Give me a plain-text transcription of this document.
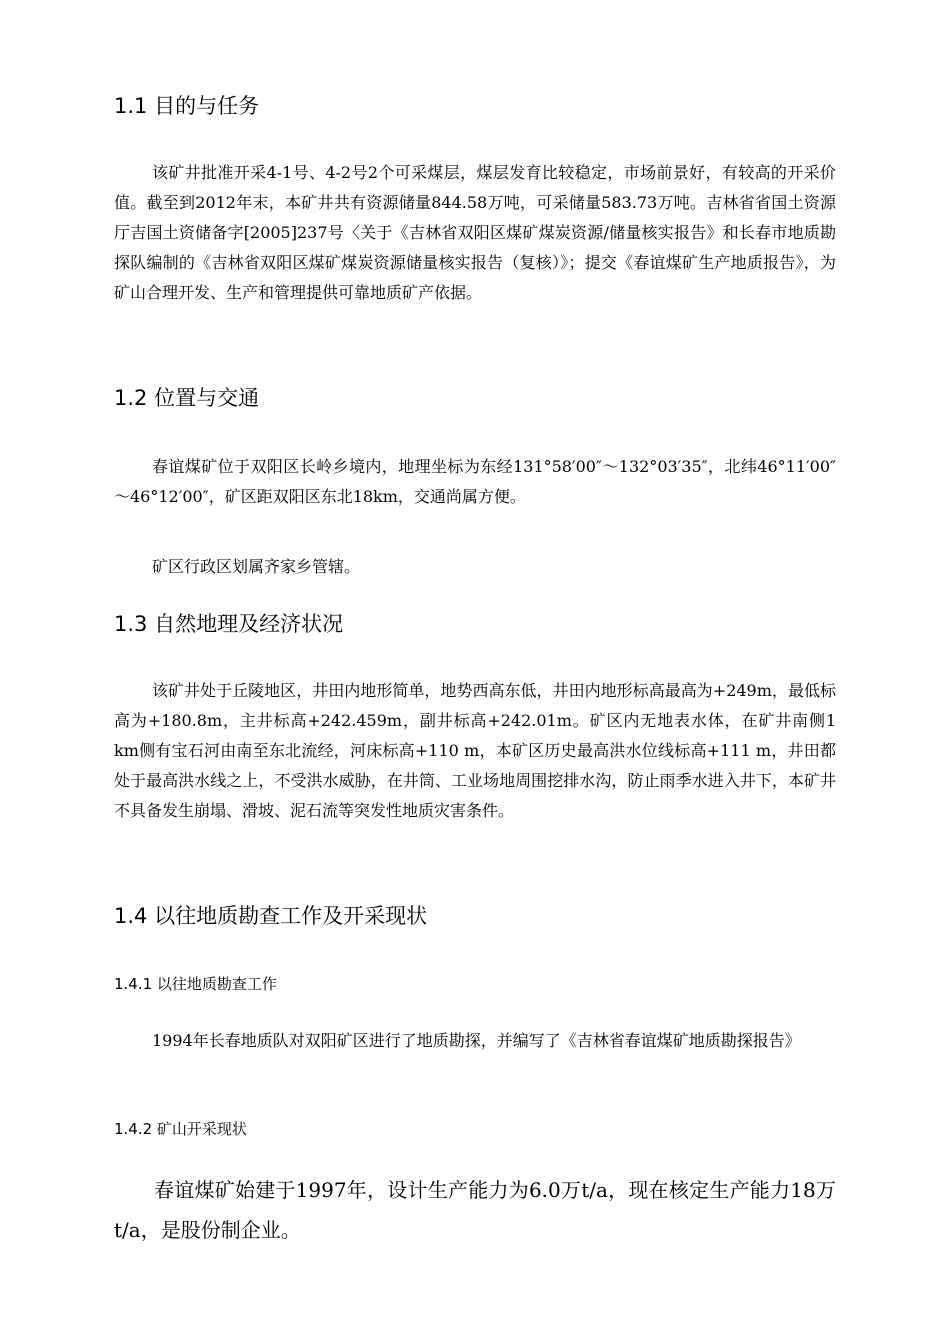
1.1 目的与任务

该矿井批准开采4-1号、4-2号2个可采煤层，煤层发育比较稳定，市场前景好，有较高的开采价值。截至到2012年末，本矿井共有资源储量844.58万吨，可采储量583.73万吨。吉林省省国土资源厅吉国土资储备字[2005]237号〈关于《吉林省双阳区煤矿煤炭资源/储量核实报告》和长春市地质勘探队编制的《吉林省双阳区煤矿煤炭资源储量核实报告（复核）》；提交《春谊煤矿生产地质报告》，为矿山合理开发、生产和管理提供可靠地质矿产依据。

1.2 位置与交通

春谊煤矿位于双阳区长岭乡境内，地理坐标为东经131°58′00″～132°03′35″，北纬46°11′00″～46°12′00″，矿区距双阳区东北18km，交通尚属方便。

矿区行政区划属齐家乡管辖。

1.3 自然地理及经济状况

该矿井处于丘陵地区，井田内地形简单，地势西高东低，井田内地形标高最高为+249m，最低标高为+180.8m，主井标高+242.459m，副井标高+242.01m。矿区内无地表水体，在矿井南侧1 km侧有宝石河由南至东北流经，河床标高+110 m，本矿区历史最高洪水位线标高+111 m，井田都处于最高洪水线之上，不受洪水威胁，在井筒、工业场地周围挖排水沟，防止雨季水进入井下，本矿井不具备发生崩塌、滑坡、泥石流等突发性地质灾害条件。

1.4 以往地质勘查工作及开采现状
1.4.1 以往地质勘查工作

1994年长春地质队对双阳矿区进行了地质勘探，并编写了《吉林省春谊煤矿地质勘探报告》

1.4.2 矿山开采现状

春谊煤矿始建于1997年，设计生产能力为6.0万t/a，现在核定生产能力18万t/a，是股份制企业。
